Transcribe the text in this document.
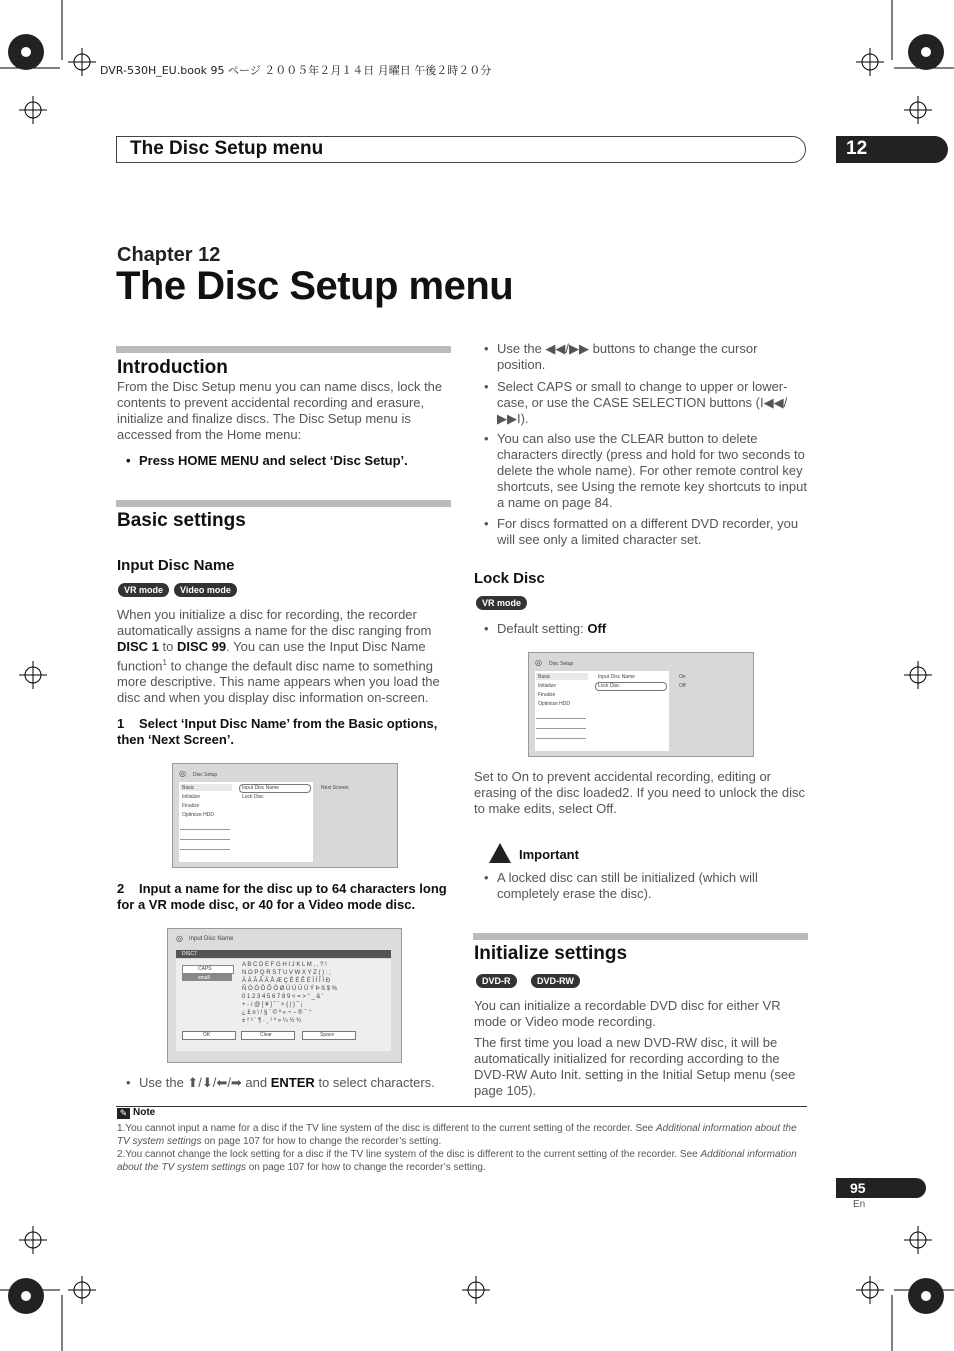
DVR-530H_EU.book 95 ページ ２００５年２月１４日 月曜日 午後２時２０分
The Disc Setup menu	12
Chapter 12
The Disc Setup menu
Introduction

From the Disc Setup menu you can name discs, lock the contents to prevent accidental recording and erasure, initialize and finalize discs. The Disc Setup menu is accessed from the Home menu:

• Press HOME MENU and select ‘Disc Setup’.
Basic settings
Input Disc Name
VR mode	Video mode

When you initialize a disc for recording, the recorder automatically assigns a name for the disc ranging from DISC 1 to DISC 99. You can use the Input Disc Name function$^1$ to change the default disc name to something more descriptive. This name appears when you load the disc and when you display disc information on-screen.

1 Select ‘Input Disc Name’ from the Basic options, then ‘Next Screen’.
◎ Disc Setup
Basic
Initialize
Finalize
Optimize HDD
Input Disc Name
Lock Disc
Next Screen
2 Input a name for the disc up to 64 characters long for a VR mode disc, or 40 for a Video mode disc.
◎ Input Disc Name
DISC7
CAPS
small
A B C D E F G H I J K L M . , ? !
N O P Q R S T U V W X Y Z ( ) : ;
À Á Â Ã Ä Å Æ Ç È É Ê Ë Ì Í Î Ï Ð
Ñ Ò Ó Ô Õ Ö Ø Ù Ú Û Ü Ý Þ ß $ %
0 1 2 3 4 5 6 7 8 9 < = > " _ & '
+ - / @ [ ¥ ] ˆ ` × { | } ˜ ¡
¿ £ ¤ \ ! § ¨ © ª « ¬ − ® ¯ °
± ² ³ ´ ¶ · ¸ ¹ º » ¼ ½ ¾
OK	Clear	Space
• Use the ⬆/⬇/⬅/➡ and ENTER to select characters.
• Use the ◀◀/▶▶ buttons to change the cursor position.
• Select CAPS or small to change to upper or lower-case, or use the CASE SELECTION buttons (I◀◀/ ▶▶I).
• You can also use the CLEAR button to delete characters directly (press and hold for two seconds to delete the whole name). For other remote control key shortcuts, see Using the remote key shortcuts to input a name on page 84.
• For discs formatted on a different DVD recorder, you will see only a limited character set.
Lock Disc
VR mode
• Default setting: Off
◎ Disc Setup
Basic
Initialize
Finalize
Optimize HDD
Input Disc Name
Lock Disc
On
Off

Set to On to prevent accidental recording, editing or erasing of the disc loaded2. If you need to unlock the disc to make edits, select Off.

Important
• A locked disc can still be initialized (which will completely erase the disc).
Initialize settings
DVD-R	DVD-RW

You can initialize a recordable DVD disc for either VR mode or Video mode recording.

The first time you load a new DVD-RW disc, it will be automatically initialized for recording according to the DVD-RW Auto Init. setting in the Initial Setup menu (see page 105).

✎ Note
1.You cannot input a name for a disc if the TV line system of the disc is different to the current setting of the recorder. See Additional information about the TV system settings on page 107 for how to change the recorder’s setting.
2.You cannot change the lock setting for a disc if the TV line system of the disc is different to the current setting of the recorder. See Additional information about the TV system settings on page 107 for how to change the recorder’s setting.
95
En
